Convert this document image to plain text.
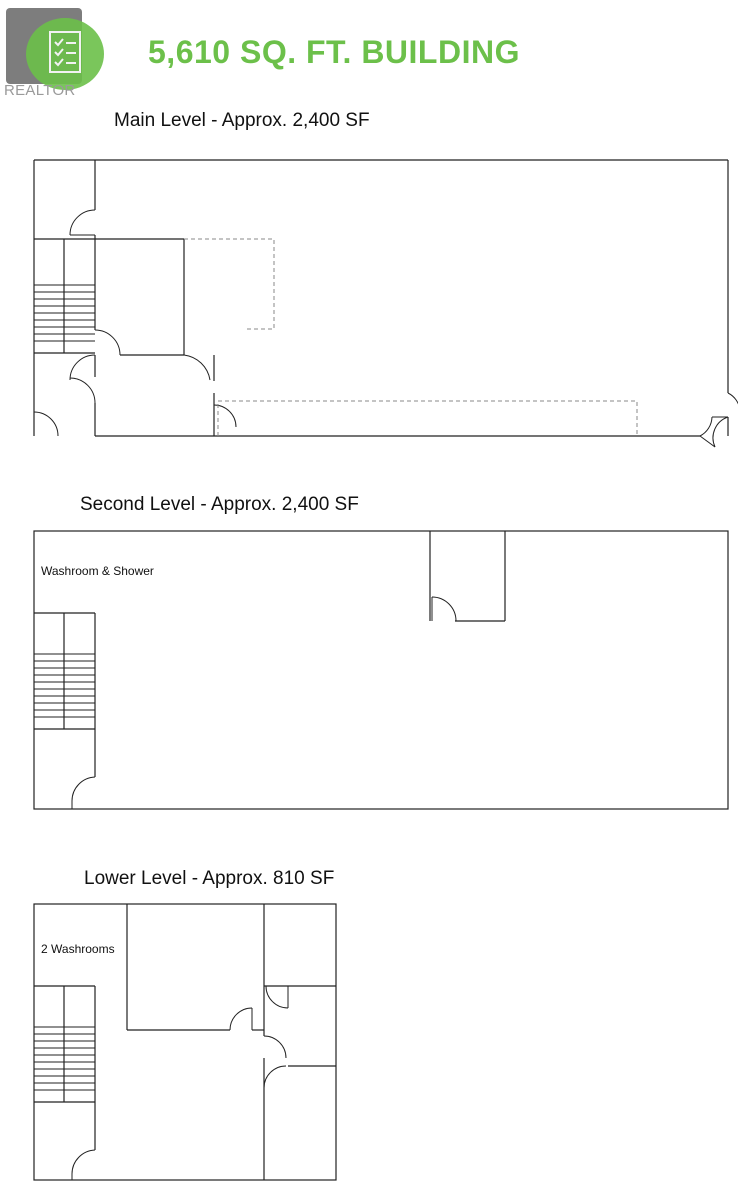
REALTOR
5,610 SQ. FT. BUILDING
Main Level - Approx. 2,400 SF
Second Level - Approx. 2,400 SF
Washroom & Shower
Lower Level - Approx. 810 SF
2 Washrooms
